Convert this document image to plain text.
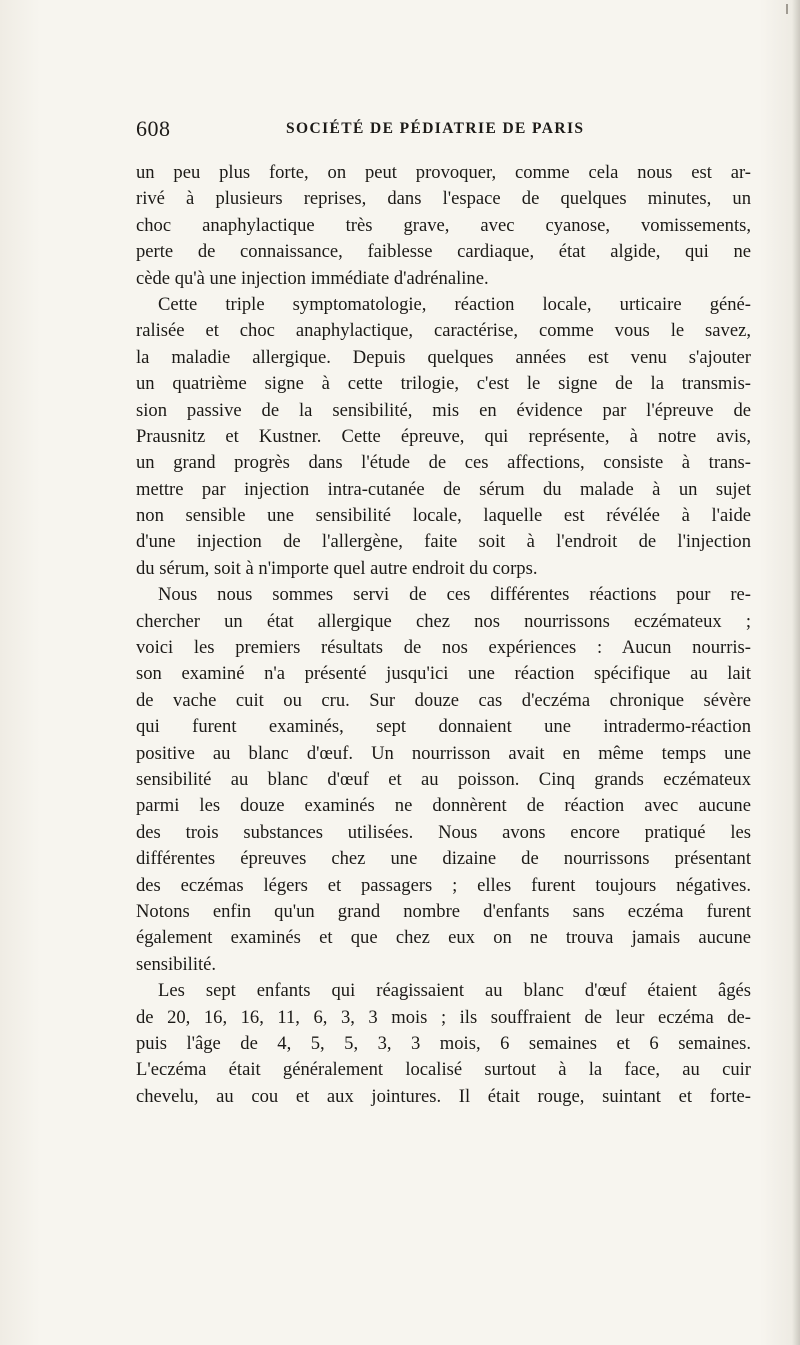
608	SOCIÉTÉ DE PÉDIATRIE DE PARIS
un peu plus forte, on peut provoquer, comme cela nous est ar-
rivé à plusieurs reprises, dans l'espace de quelques minutes, un
choc anaphylactique très grave, avec cyanose, vomissements,
perte de connaissance, faiblesse cardiaque, état algide, qui ne
cède qu'à une injection immédiate d'adrénaline.
Cette triple symptomatologie, réaction locale, urticaire géné-
ralisée et choc anaphylactique, caractérise, comme vous le savez,
la maladie allergique. Depuis quelques années est venu s'ajouter
un quatrième signe à cette trilogie, c'est le signe de la transmis-
sion passive de la sensibilité, mis en évidence par l'épreuve de
Prausnitz et Kustner. Cette épreuve, qui représente, à notre avis,
un grand progrès dans l'étude de ces affections, consiste à trans-
mettre par injection intra-cutanée de sérum du malade à un sujet
non sensible une sensibilité locale, laquelle est révélée à l'aide
d'une injection de l'allergène, faite soit à l'endroit de l'injection
du sérum, soit à n'importe quel autre endroit du corps.
Nous nous sommes servi de ces différentes réactions pour re-
chercher un état allergique chez nos nourrissons eczémateux ;
voici les premiers résultats de nos expériences : Aucun nourris-
son examiné n'a présenté jusqu'ici une réaction spécifique au lait
de vache cuit ou cru. Sur douze cas d'eczéma chronique sévère
qui furent examinés, sept donnaient une intradermo-réaction
positive au blanc d'œuf. Un nourrisson avait en même temps une
sensibilité au blanc d'œuf et au poisson. Cinq grands eczémateux
parmi les douze examinés ne donnèrent de réaction avec aucune
des trois substances utilisées. Nous avons encore pratiqué les
différentes épreuves chez une dizaine de nourrissons présentant
des eczémas légers et passagers ; elles furent toujours négatives.
Notons enfin qu'un grand nombre d'enfants sans eczéma furent
également examinés et que chez eux on ne trouva jamais aucune
sensibilité.
Les sept enfants qui réagissaient au blanc d'œuf étaient âgés
de 20, 16, 16, 11, 6, 3, 3 mois ; ils souffraient de leur eczéma de-
puis l'âge de 4, 5, 5, 3, 3 mois, 6 semaines et 6 semaines.
L'eczéma était généralement localisé surtout à la face, au cuir
chevelu, au cou et aux jointures. Il était rouge, suintant et forte-
